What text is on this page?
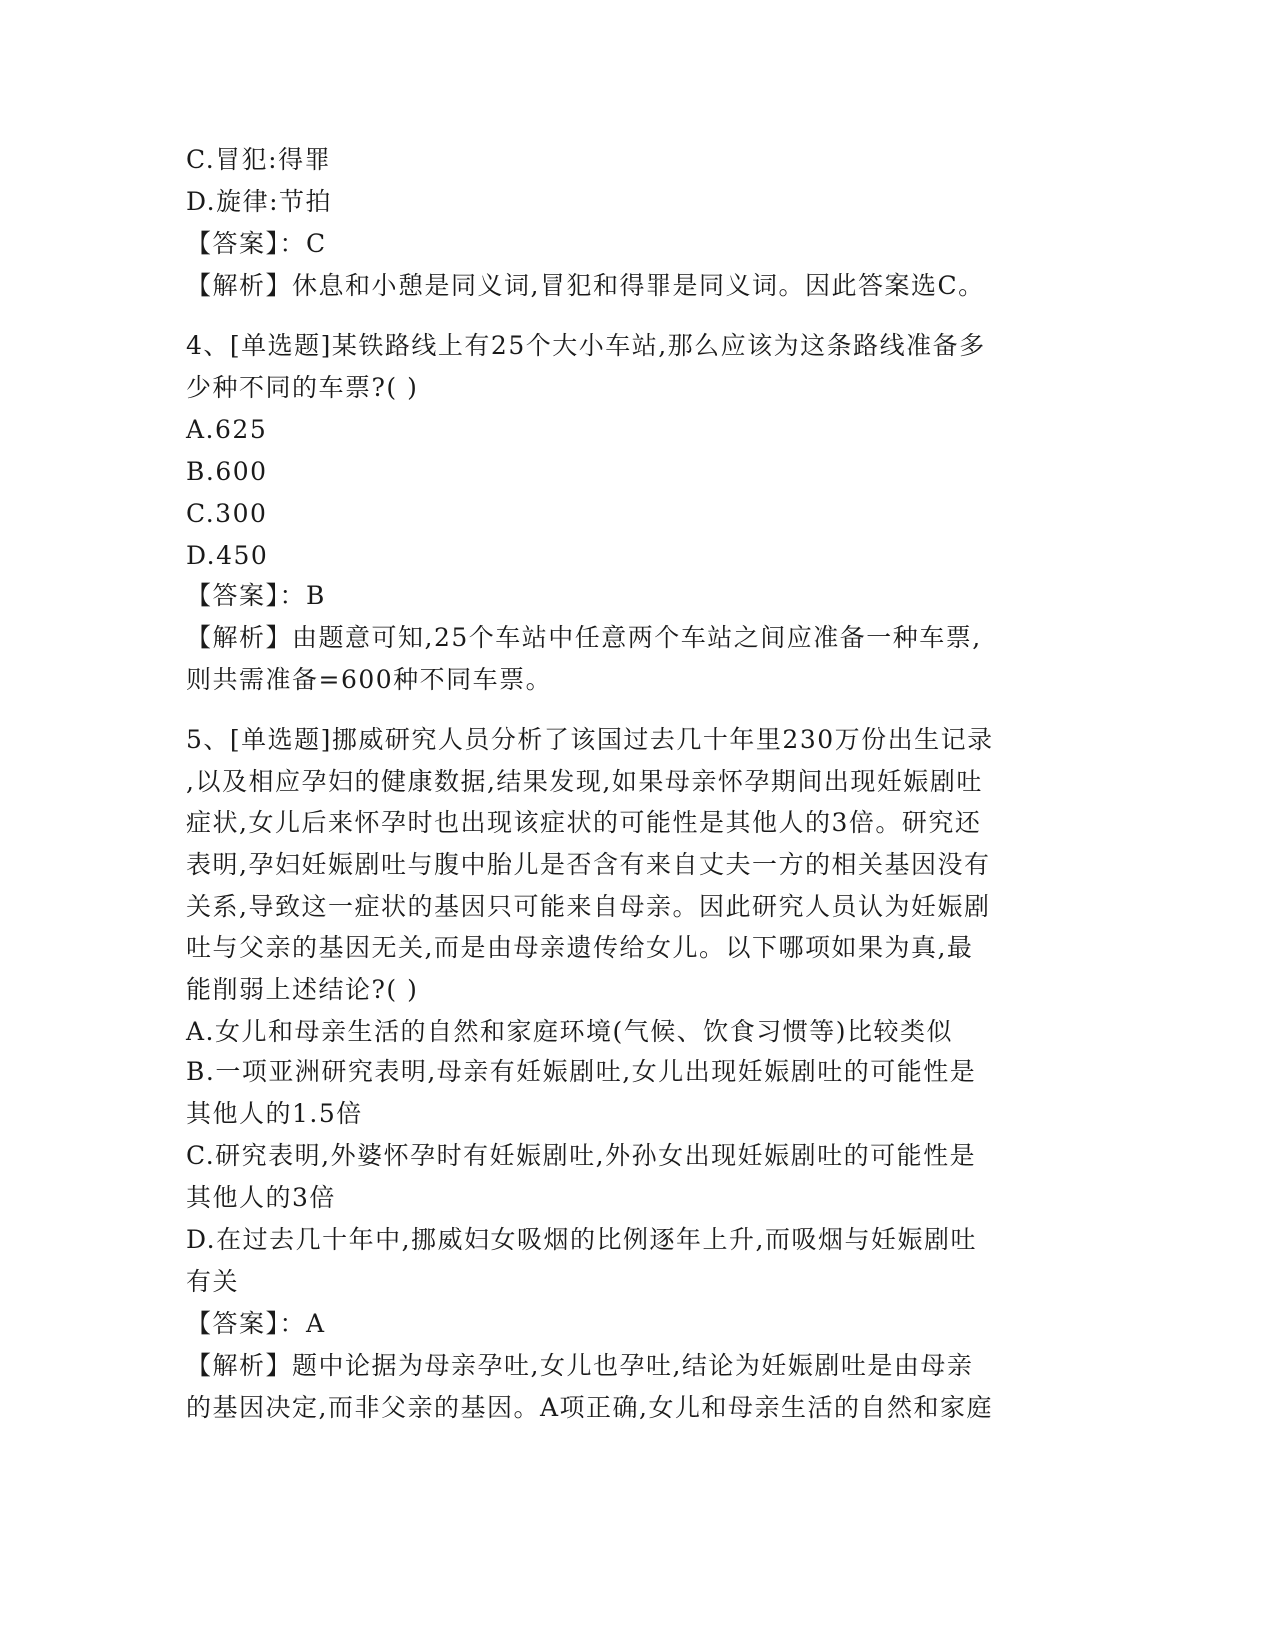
C.冒犯:得罪
D.旋律:节拍
【答案】：C
【解析】休息和小憩是同义词,冒犯和得罪是同义词。因此答案选C。
4、[单选题]某铁路线上有25个大小车站,那么应该为这条路线准备多
少种不同的车票?( )
A.625
B.600
C.300
D.450
【答案】：B
【解析】由题意可知,25个车站中任意两个车站之间应准备一种车票,
则共需准备=600种不同车票。
5、[单选题]挪威研究人员分析了该国过去几十年里230万份出生记录
,以及相应孕妇的健康数据,结果发现,如果母亲怀孕期间出现妊娠剧吐
症状,女儿后来怀孕时也出现该症状的可能性是其他人的3倍。研究还
表明,孕妇妊娠剧吐与腹中胎儿是否含有来自丈夫一方的相关基因没有
关系,导致这一症状的基因只可能来自母亲。因此研究人员认为妊娠剧
吐与父亲的基因无关,而是由母亲遗传给女儿。以下哪项如果为真,最
能削弱上述结论?( )
A.女儿和母亲生活的自然和家庭环境(气候、饮食习惯等)比较类似
B.一项亚洲研究表明,母亲有妊娠剧吐,女儿出现妊娠剧吐的可能性是
其他人的1.5倍
C.研究表明,外婆怀孕时有妊娠剧吐,外孙女出现妊娠剧吐的可能性是
其他人的3倍
D.在过去几十年中,挪威妇女吸烟的比例逐年上升,而吸烟与妊娠剧吐
有关
【答案】：A
【解析】题中论据为母亲孕吐,女儿也孕吐,结论为妊娠剧吐是由母亲
的基因决定,而非父亲的基因。A项正确,女儿和母亲生活的自然和家庭
